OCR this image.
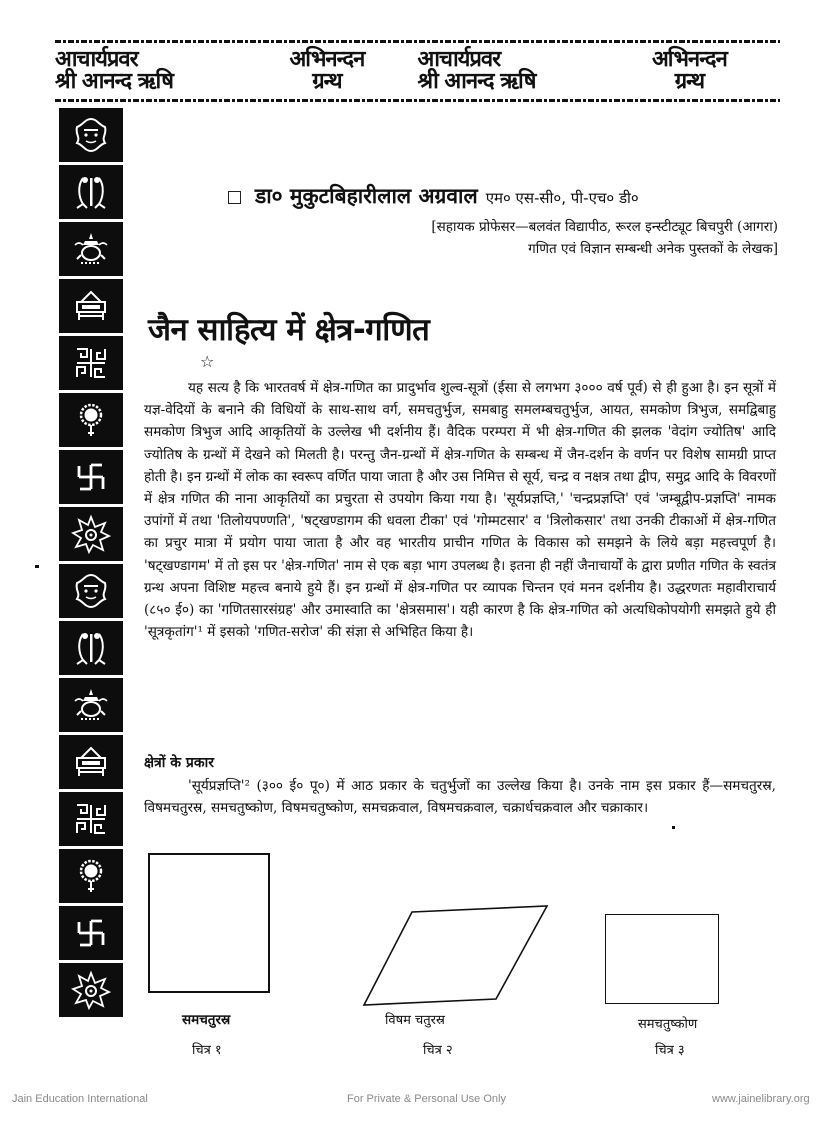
आचार्यप्रवर
श्री आनन्द ऋषि
अभिनन्दन
ग्रन्थ
आचार्यप्रवर
श्री आनन्द ऋषि
अभिनन्दन
ग्रन्थ
डा० मुकुटबिहारीलाल अग्रवाल एम० एस-सी०, पी-एच० डी०
[सहायक प्रोफेसर—बलवंत विद्यापीठ, रूरल इन्स्टीट्यूट बिचपुरी (आगरा)
गणित एवं विज्ञान सम्बन्धी अनेक पुस्तकों के लेखक]
जैन साहित्य में क्षेत्र-गणित
☆

यह सत्य है कि भारतवर्ष में क्षेत्र-गणित का प्रादुर्भाव शुल्व-सूत्रों (ईसा से लगभग ३००० वर्ष पूर्व) से ही हुआ है। इन सूत्रों में यज्ञ-वेदियों के बनाने की विधियों के साथ-साथ वर्ग, समचतुर्भुज, समबाहु समलम्बचतुर्भुज, आयत, समकोण त्रिभुज, समद्विबाहु समकोण त्रिभुज आदि आकृतियों के उल्लेख भी दर्शनीय हैं। वैदिक परम्परा में भी क्षेत्र-गणित की झलक 'वेदांग ज्योतिष' आदि ज्योतिष के ग्रन्थों में देखने को मिलती है। परन्तु जैन-ग्रन्थों में क्षेत्र-गणित के सम्बन्ध में जैन-दर्शन के वर्णन पर विशेष सामग्री प्राप्त होती है। इन ग्रन्थों में लोक का स्वरूप वर्णित पाया जाता है और उस निमित्त से सूर्य, चन्द्र व नक्षत्र तथा द्वीप, समुद्र आदि के विवरणों में क्षेत्र गणित की नाना आकृतियों का प्रचुरता से उपयोग किया गया है। 'सूर्यप्रज्ञप्ति,' 'चन्द्रप्रज्ञप्ति' एवं 'जम्बूद्वीप-प्रज्ञप्ति' नामक उपांगों में तथा 'तिलोयपण्णति', 'षट्खण्डागम की धवला टीका' एवं 'गोम्मटसार' व 'त्रिलोकसार' तथा उनकी टीकाओं में क्षेत्र-गणित का प्रचुर मात्रा में प्रयोग पाया जाता है और वह भारतीय प्राचीन गणित के विकास को समझने के लिये बड़ा महत्त्वपूर्ण है। 'षट्खण्डागम' में तो इस पर 'क्षेत्र-गणित' नाम से एक बड़ा भाग उपलब्ध है। इतना ही नहीं जैनाचार्यों के द्वारा प्रणीत गणित के स्वतंत्र ग्रन्थ अपना विशिष्ट महत्त्व बनाये हुये हैं। इन ग्रन्थों में क्षेत्र-गणित पर व्यापक चिन्तन एवं मनन दर्शनीय है। उद्धरणतः महावीराचार्य (८५० ई०) का 'गणितसारसंग्रह' और उमास्वाति का 'क्षेत्रसमास'। यही कारण है कि क्षेत्र-गणित को अत्यधिकोपयोगी समझते हुये ही 'सूत्रकृतांग'¹ में इसको 'गणित-सरोज' की संज्ञा से अभिहित किया है।

क्षेत्रों के प्रकार

'सूर्यप्रज्ञप्ति'² (३०० ई० पू०) में आठ प्रकार के चतुर्भुजों का उल्लेख किया है। उनके नाम इस प्रकार हैं—समचतुरस्र, विषमचतुरस्र, समचतुष्कोण, विषमचतुष्कोण, समचक्रवाल, विषमचक्रवाल, चक्रार्धचक्रवाल और चक्राकार।

समचतुरस्र
चित्र १
विषम चतुरस्र
चित्र २
समचतुष्कोण
चित्र ३
Jain Education International	For Private & Personal Use Only	www.jainelibrary.org
